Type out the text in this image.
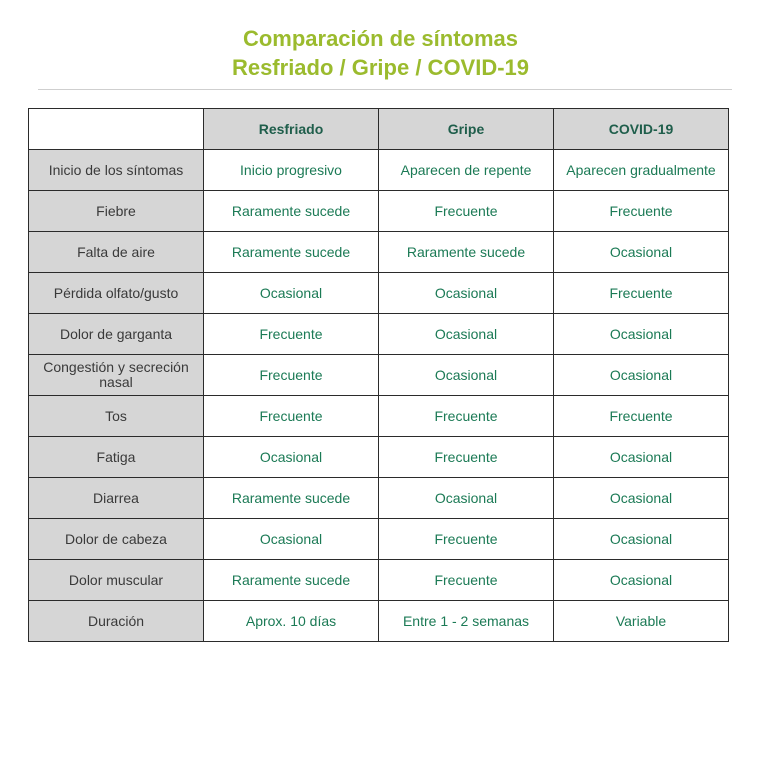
Comparación de síntomas
Resfriado / Gripe / COVID-19
	Resfriado	Gripe	COVID-19
Inicio de los síntomas	Inicio progresivo	Aparecen de repente	Aparecen gradualmente
Fiebre	Raramente sucede	Frecuente	Frecuente
Falta de aire	Raramente sucede	Raramente sucede	Ocasional
Pérdida olfato/gusto	Ocasional	Ocasional	Frecuente
Dolor de garganta	Frecuente	Ocasional	Ocasional
Congestión y secreción nasal	Frecuente	Ocasional	Ocasional
Tos	Frecuente	Frecuente	Frecuente
Fatiga	Ocasional	Frecuente	Ocasional
Diarrea	Raramente sucede	Ocasional	Ocasional
Dolor de cabeza	Ocasional	Frecuente	Ocasional
Dolor muscular	Raramente sucede	Frecuente	Ocasional
Duración	Aprox. 10 días	Entre 1 - 2 semanas	Variable
